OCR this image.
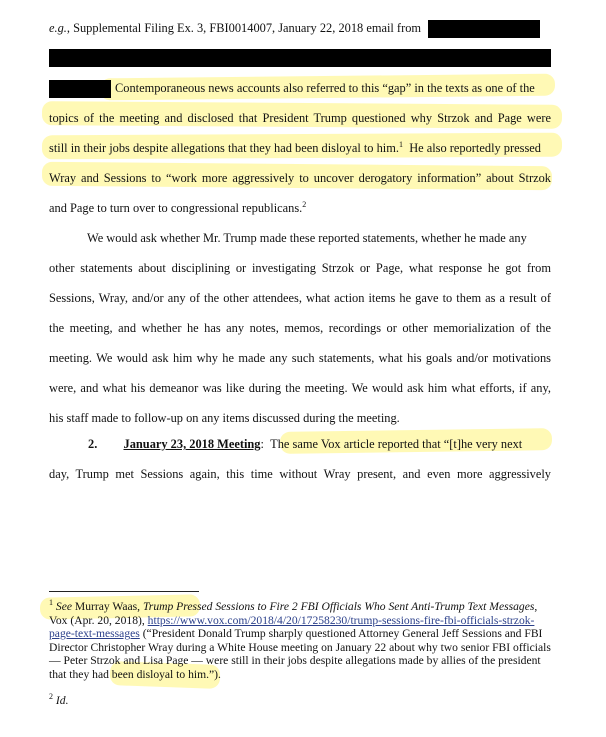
e.g., Supplemental Filing Ex. 3, FBI0014007, January 22, 2018 email from
Contemporaneous news accounts also referred to this “gap” in the texts as one of the
topics of the meeting and disclosed that President Trump questioned why Strzok and Page were
still in their jobs despite allegations that they had been disloyal to him.$^1$ He also reportedly pressed
Wray and Sessions to “work more aggressively to uncover derogatory information” about Strzok
and Page to turn over to congressional republicans.$^2$
We would ask whether Mr. Trump made these reported statements, whether he made any
other statements about disciplining or investigating Strzok or Page, what response he got from
Sessions, Wray, and/or any of the other attendees, what action items he gave to them as a result of
the meeting, and whether he has any notes, memos, recordings or other memorialization of the
meeting. We would ask him why he made any such statements, what his goals and/or motivations
were, and what his demeanor was like during the meeting. We would ask him what efforts, if any,
his staff made to follow-up on any items discussed during the meeting.
2. January 23, 2018 Meeting: The same Vox article reported that “[t]he very next
day, Trump met Sessions again, this time without Wray present, and even more aggressively
$^1$ See Murray Waas, Trump Pressed Sessions to Fire 2 FBI Officials Who Sent Anti-Trump Text Messages, Vox (Apr. 20, 2018), https://www.vox.com/2018/4/20/17258230/trump-sessions-fire-fbi-officials-strzok-page-text-messages (“President Donald Trump sharply questioned Attorney General Jeff Sessions and FBI Director Christopher Wray during a White House meeting on January 22 about why two senior FBI officials — Peter Strzok and Lisa Page — were still in their jobs despite allegations made by allies of the president that they had been disloyal to him.”).
$^2$ Id.
